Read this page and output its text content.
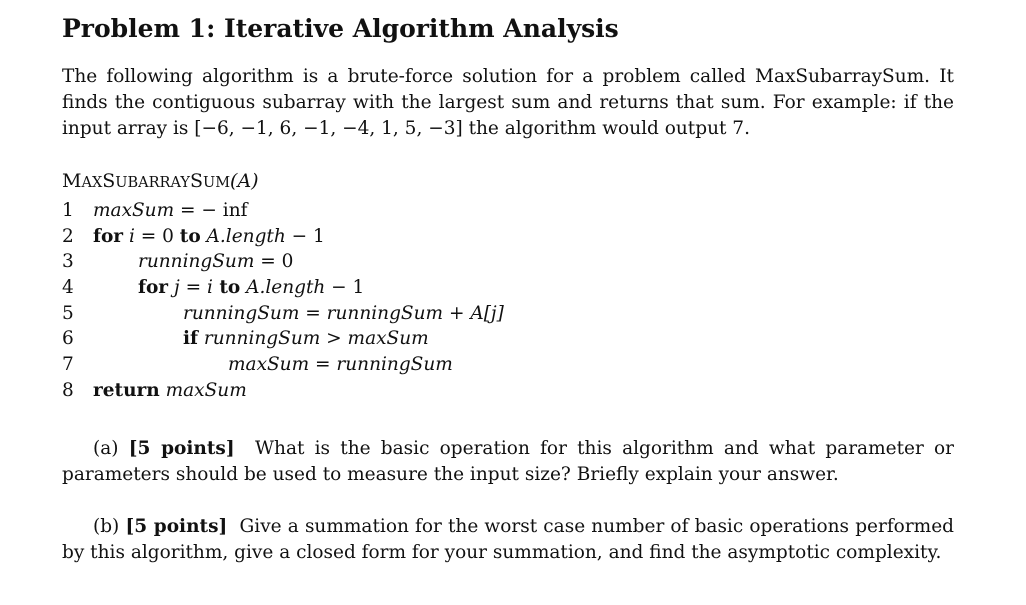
Problem 1: Iterative Algorithm Analysis
The following algorithm is a brute-force solution for a problem called MaxSubarraySum. It finds the contiguous subarray with the largest sum and returns that sum. For example: if the input array is [−6, −1, 6, −1, −4, 1, 5, −3] the algorithm would output 7.
MAXSUBARRAYSUM(A)
1	maxSum = − inf
2	for i = 0 to A.length − 1
3	runningSum = 0
4	for j = i to A.length − 1
5	runningSum = runningSum + A[j]
6	if runningSum > maxSum
7	maxSum = runningSum
8	return maxSum
(a) [5 points] What is the basic operation for this algorithm and what parameter or parameters should be used to measure the input size? Briefly explain your answer.
(b) [5 points] Give a summation for the worst case number of basic operations performed by this algorithm, give a closed form for your summation, and find the asymptotic complexity.
